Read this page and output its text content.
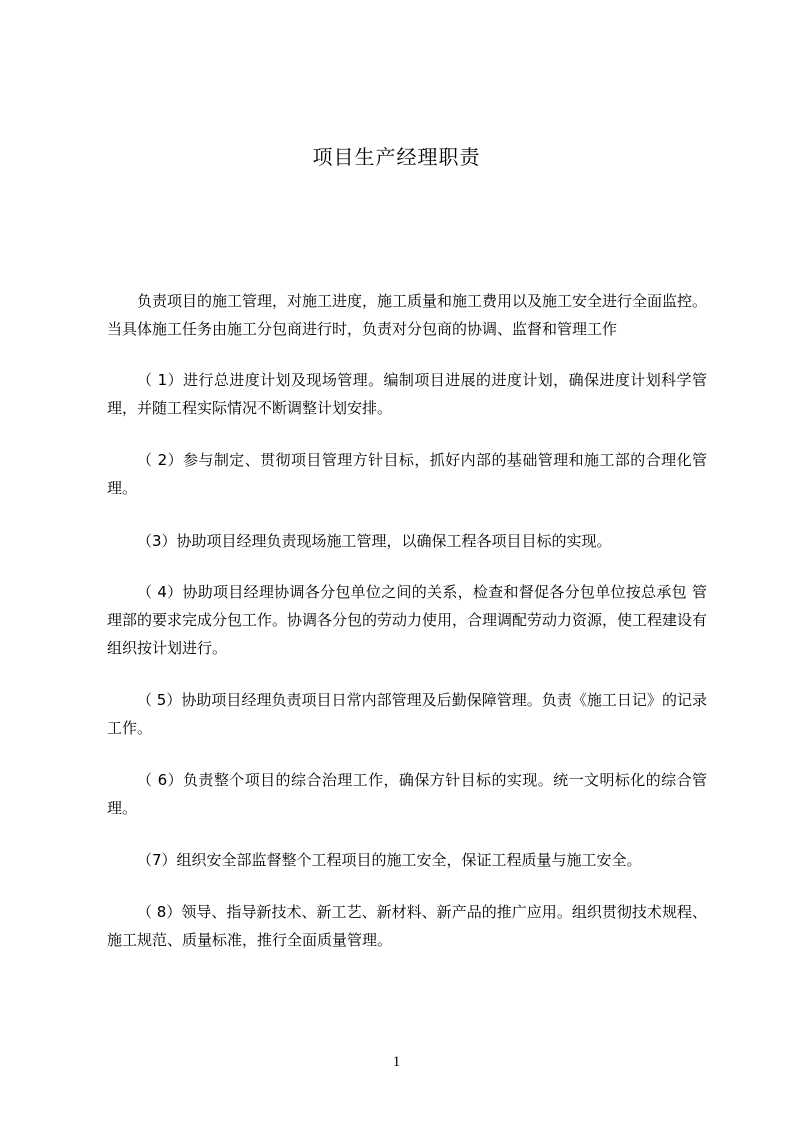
项目生产经理职责

负责项目的施工管理，对施工进度，施工质量和施工费用以及施工安全进行全面监控。当具体施工任务由施工分包商进行时，负责对分包商的协调、监督和管理工作

（ 1）进行总进度计划及现场管理。编制项目进展的进度计划，确保进度计划科学管理，并随工程实际情况不断调整计划安排。

（ 2）参与制定、贯彻项目管理方针目标，抓好内部的基础管理和施工部的合理化管理。

（3）协助项目经理负责现场施工管理，以确保工程各项目目标的实现。

（ 4）协助项目经理协调各分包单位之间的关系，检查和督促各分包单位按总承包 管理部的要求完成分包工作。协调各分包的劳动力使用，合理调配劳动力资源，使工程建设有组织按计划进行。

（ 5）协助项目经理负责项目日常内部管理及后勤保障管理。负责《施工日记》的记录工作。

（ 6）负责整个项目的综合治理工作，确保方针目标的实现。统一文明标化的综合管理。

（7）组织安全部监督整个工程项目的施工安全，保证工程质量与施工安全。

（ 8）领导、指导新技术、新工艺、新材料、新产品的推广应用。组织贯彻技术规程、施工规范、质量标准，推行全面质量管理。

1
